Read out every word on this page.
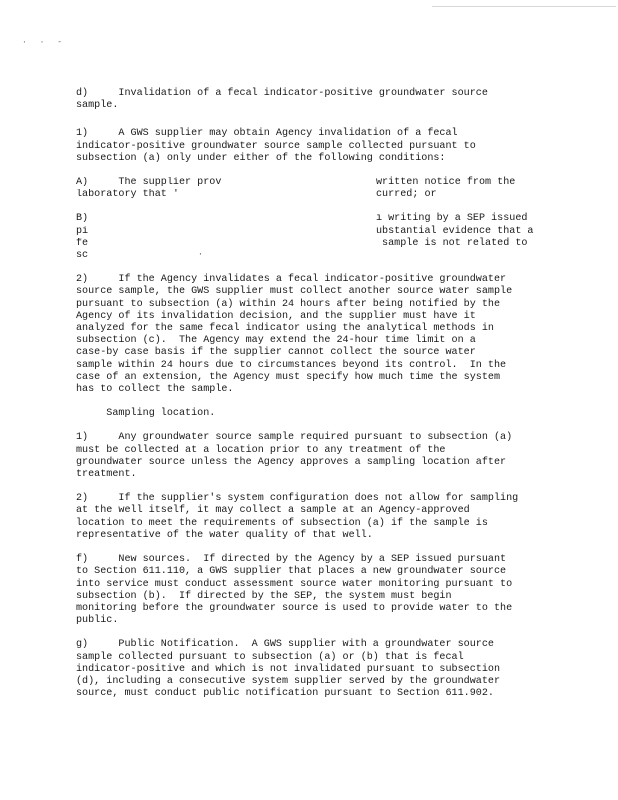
· · -

d)     Invalidation of a fecal indicator-positive groundwater source
sample.

1)     A GWS supplier may obtain Agency invalidation of a fecal
indicator-positive groundwater source sample collected pursuant to
subsection (a) only under either of the following conditions:

A)     The supplier prov	written notice from the
laboratory that '	curred; or
B)	ı writing by a SEP issued
pi	ubstantial evidence that a
fe	sample is not related to
sc

2)     If the Agency invalidates a fecal indicator-positive groundwater
source sample, the GWS supplier must collect another source water sample
pursuant to subsection (a) within 24 hours after being notified by the
Agency of its invalidation decision, and the supplier must have it
analyzed for the same fecal indicator using the analytical methods in
subsection (c).  The Agency may extend the 24-hour time limit on a
case-by case basis if the supplier cannot collect the source water
sample within 24 hours due to circumstances beyond its control.  In the
case of an extension, the Agency must specify how much time the system
has to collect the sample.

Sampling location.

1)     Any groundwater source sample required pursuant to subsection (a)
must be collected at a location prior to any treatment of the
groundwater source unless the Agency approves a sampling location after
treatment.

2)     If the supplier's system configuration does not allow for sampling
at the well itself, it may collect a sample at an Agency-approved
location to meet the requirements of subsection (a) if the sample is
representative of the water quality of that well.

f)     New sources.  If directed by the Agency by a SEP issued pursuant
to Section 611.110, a GWS supplier that places a new groundwater source
into service must conduct assessment source water monitoring pursuant to
subsection (b).  If directed by the SEP, the system must begin
monitoring before the groundwater source is used to provide water to the
public.

g)     Public Notification.  A GWS supplier with a groundwater source
sample collected pursuant to subsection (a) or (b) that is fecal
indicator-positive and which is not invalidated pursuant to subsection
(d), including a consecutive system supplier served by the groundwater
source, must conduct public notification pursuant to Section 611.902.

·
